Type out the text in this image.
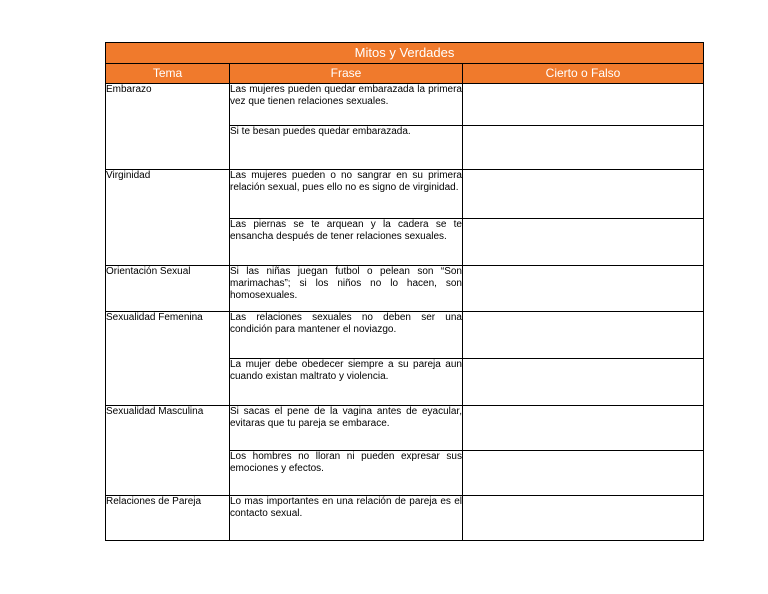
Mitos y Verdades		
Tema	Frase	Cierto o Falso
Embarazo	Las mujeres pueden quedar embarazada la primera vez que tienen relaciones sexuales.	
	Si te besan puedes quedar embarazada.	
Virginidad	Las mujeres pueden o no sangrar en su primera relación sexual, pues ello no es signo de virginidad.	
	Las piernas se te arquean y la cadera se te ensancha después de tener relaciones sexuales.	
Orientación Sexual	Si las niñas juegan futbol o pelean son “Son marimachas”; si los niños no lo hacen, son homosexuales.	
Sexualidad Femenina	Las relaciones sexuales no deben ser una condición para mantener el noviazgo.	
	La mujer debe obedecer siempre a su pareja aun cuando existan maltrato y violencia.	
Sexualidad Masculina	Si sacas el pene de la vagina antes de eyacular, evitaras que tu pareja se embarace.	
	Los hombres no lloran ni pueden expresar sus emociones y efectos.	
Relaciones de Pareja	Lo mas importantes en una relación de pareja es el contacto sexual.	
